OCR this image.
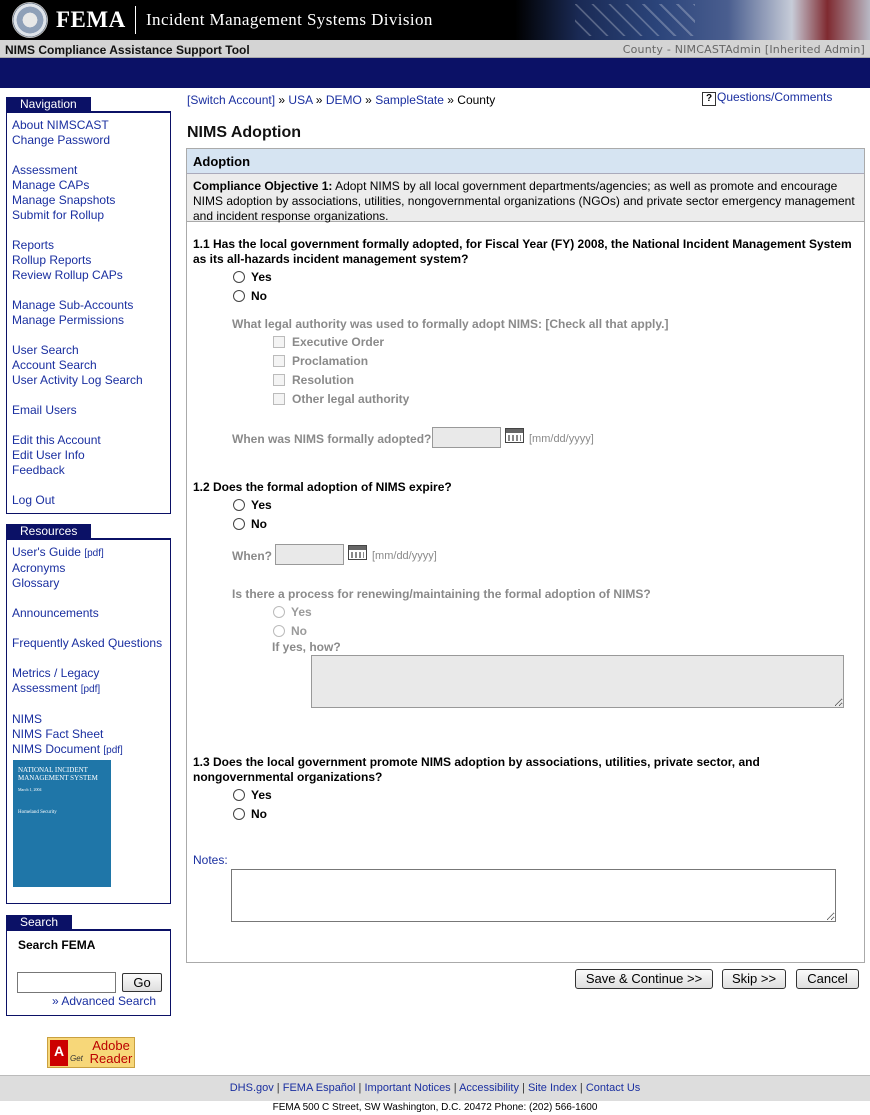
FEMA Incident Management Systems Division
NIMS Compliance Assistance Support Tool	County - NIMCASTAdmin [Inherited Admin]
Navigation
About NIMSCAST
Change Password
Assessment
Manage CAPs
Manage Snapshots
Submit for Rollup
Reports
Rollup Reports
Review Rollup CAPs
Manage Sub-Accounts
Manage Permissions
User Search
Account Search
User Activity Log Search
Email Users
Edit this Account
Edit User Info
Feedback
Log Out
Resources
User's Guide [pdf]
Acronyms
Glossary
Announcements
Frequently Asked Questions
Metrics / Legacy
Assessment [pdf]
NIMS
NIMS Fact Sheet
NIMS Document [pdf]
NATIONAL INCIDENT MANAGEMENT SYSTEM
March 1, 2004
Homeland Security
Search
Search FEMA
Go
» Advanced Search
A Get
Adobe Reader
[Switch Account] » USA » DEMO » SampleState » County	? Questions/Comments
NIMS Adoption
Adoption
Compliance Objective 1: Adopt NIMS by all local government departments/agencies; as well as promote and encourage NIMS adoption by associations, utilities, nongovernmental organizations (NGOs) and private sector emergency management and incident response organizations.
1.1 Has the local government formally adopted, for Fiscal Year (FY) 2008, the National Incident Management System as its all-hazards incident management system?
Yes
No
What legal authority was used to formally adopt NIMS: [Check all that apply.]
Executive Order
Proclamation
Resolution
Other legal authority
When was NIMS formally adopted?	[mm/dd/yyyy]
1.2 Does the formal adoption of NIMS expire?
Yes
No
When?	[mm/dd/yyyy]
Is there a process for renewing/maintaining the formal adoption of NIMS?
Yes
No
If yes, how?
1.3 Does the local government promote NIMS adoption by associations, utilities, private sector, and nongovernmental organizations?
Yes
No
Notes:
Save & Continue >>	Skip >>	Cancel
DHS.gov | FEMA Español | Important Notices | Accessibility | Site Index | Contact Us
FEMA 500 C Street, SW Washington, D.C. 20472 Phone: (202) 566-1600
